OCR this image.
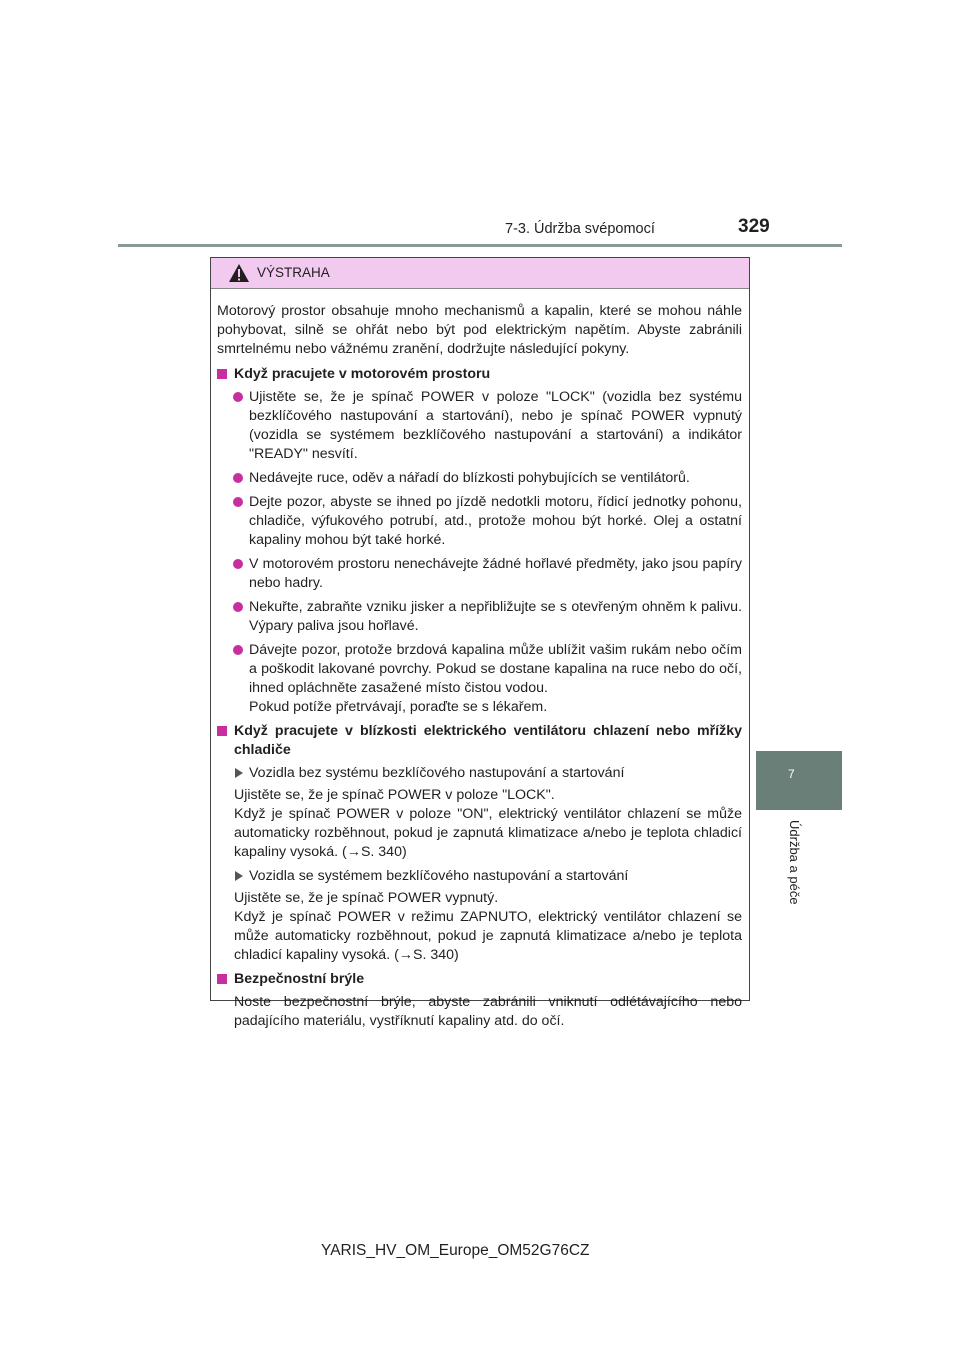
7-3. Údržba svépomocí	329
7
Údržba a péče
VÝSTRAHA

Motorový prostor obsahuje mnoho mechanismů a kapalin, které se mohou náhle pohybovat, silně se ohřát nebo být pod elektrickým napětím. Abyste zabránili smrtelnému nebo vážnému zranění, dodržujte následující pokyny.

Když pracujete v motorovém prostoru

Ujistěte se, že je spínač POWER v poloze "LOCK" (vozidla bez systému bezklíčového nastupování a startování), nebo je spínač POWER vypnutý (vozidla se systémem bezklíčového nastupování a startování) a indikátor "READY" nesvítí.

Nedávejte ruce, oděv a nářadí do blízkosti pohybujících se ventilátorů.

Dejte pozor, abyste se ihned po jízdě nedotkli motoru, řídicí jednotky pohonu, chladiče, výfukového potrubí, atd., protože mohou být horké. Olej a ostatní kapaliny mohou být také horké.

V motorovém prostoru nenechávejte žádné hořlavé předměty, jako jsou papíry nebo hadry.

Nekuřte, zabraňte vzniku jisker a nepřibližujte se s otevřeným ohněm k palivu. Výpary paliva jsou hořlavé.

Dávejte pozor, protože brzdová kapalina může ublížit vašim rukám nebo očím a poškodit lakované povrchy. Pokud se dostane kapalina na ruce nebo do očí, ihned opláchněte zasažené místo čistou vodou.

Pokud potíže přetrvávají, poraďte se s lékařem.

Když pracujete v blízkosti elektrického ventilátoru chlazení nebo mřížky chladiče

Vozidla bez systému bezklíčového nastupování a startování

Ujistěte se, že je spínač POWER v poloze "LOCK".

Když je spínač POWER v poloze "ON", elektrický ventilátor chlazení se může automaticky rozběhnout, pokud je zapnutá klimatizace a/nebo je teplota chladicí kapaliny vysoká. (→S. 340)

Vozidla se systémem bezklíčového nastupování a startování

Ujistěte se, že je spínač POWER vypnutý.

Když je spínač POWER v režimu ZAPNUTO, elektrický ventilátor chlazení se může automaticky rozběhnout, pokud je zapnutá klimatizace a/nebo je teplota chladicí kapaliny vysoká. (→S. 340)

Bezpečnostní brýle

Noste bezpečnostní brýle, abyste zabránili vniknutí odlétávajícího nebo padajícího materiálu, vystříknutí kapaliny atd. do očí.

YARIS_HV_OM_Europe_OM52G76CZ
